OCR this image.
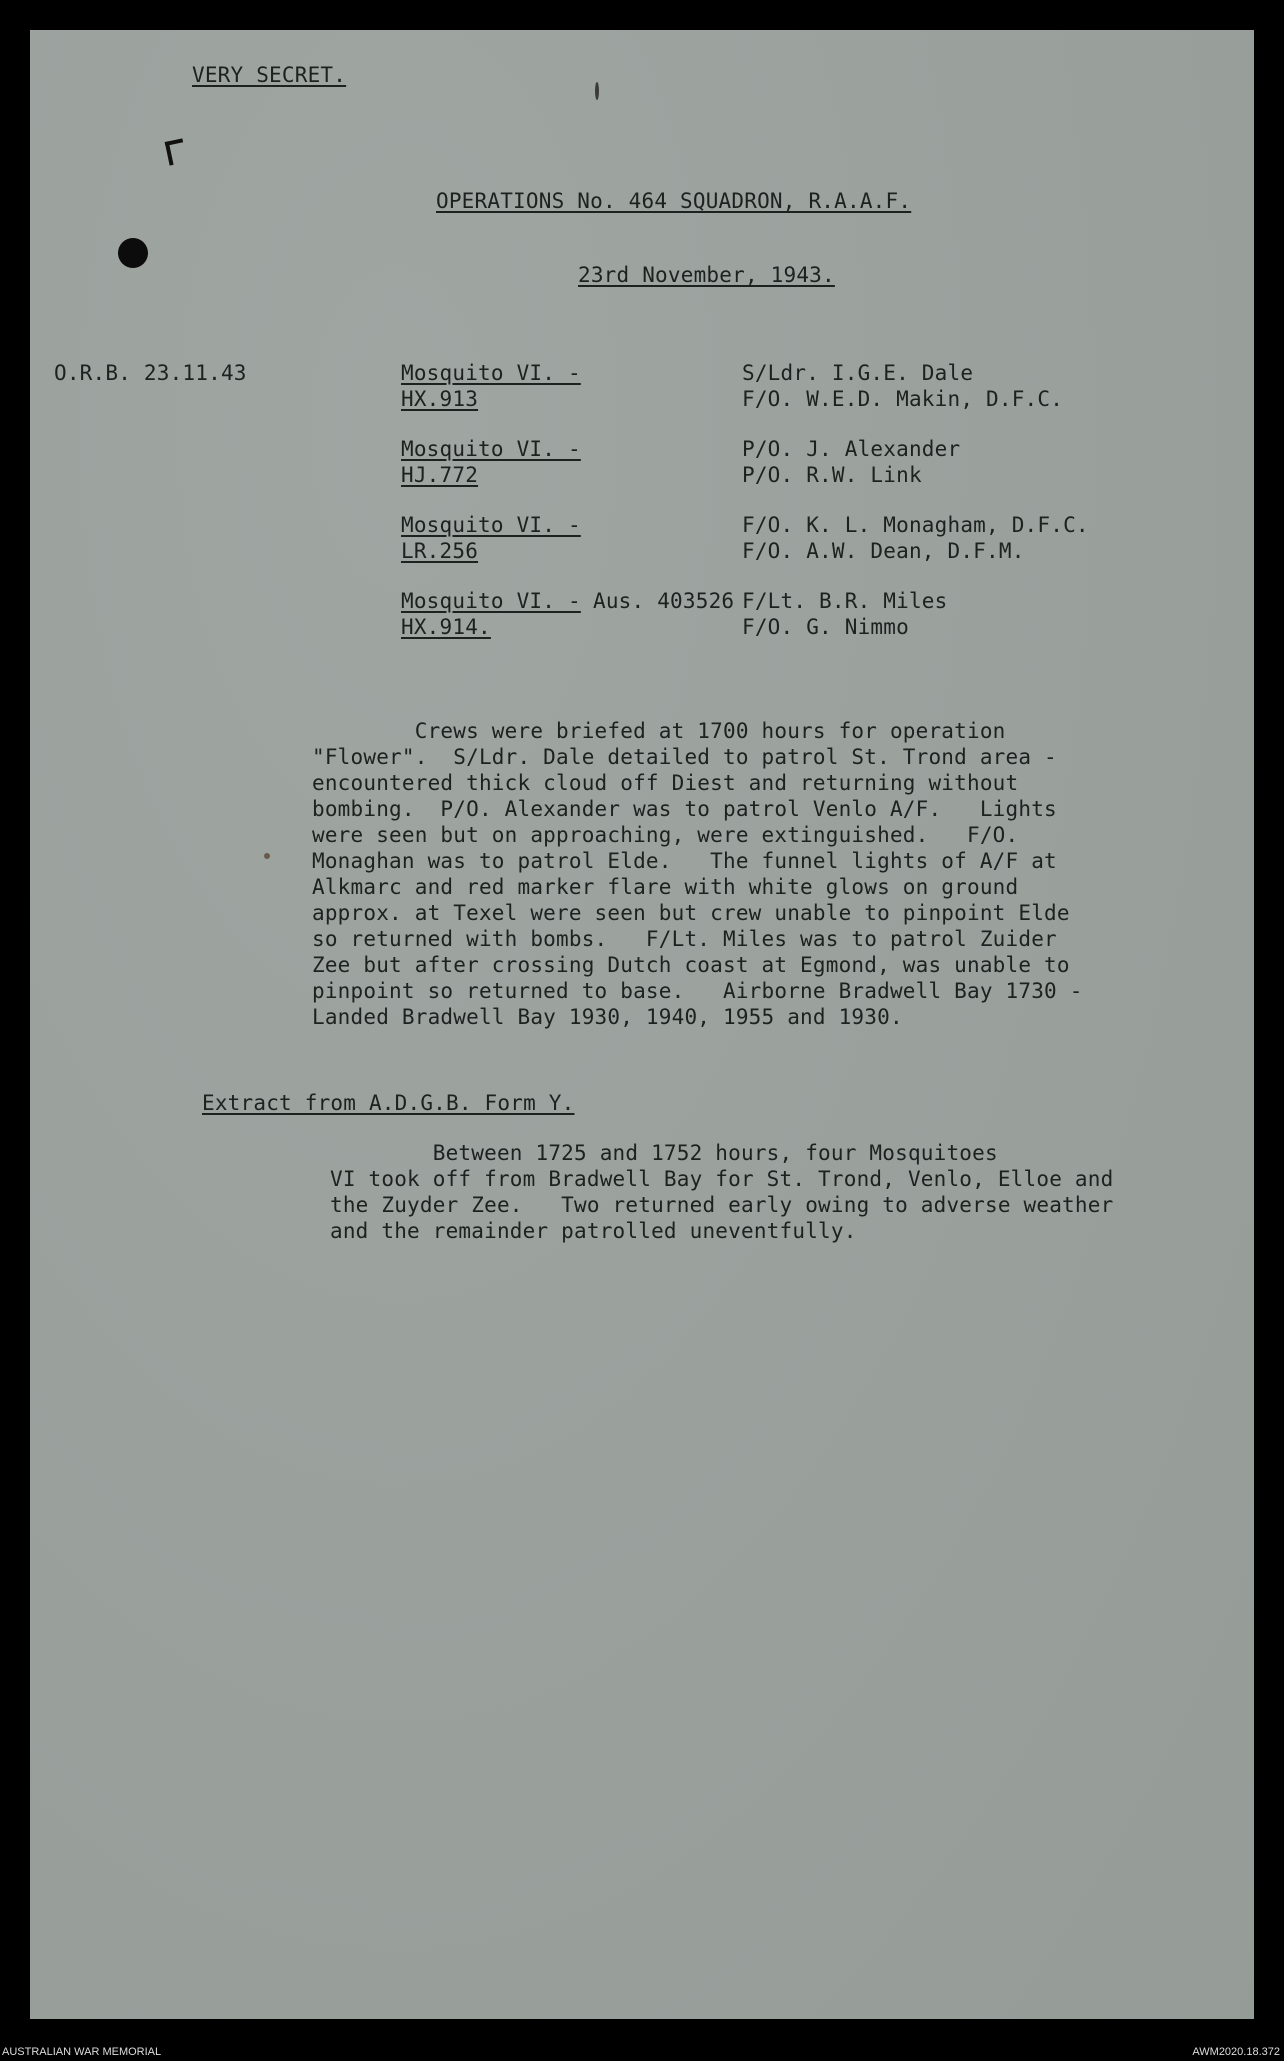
VERY SECRET.
OPERATIONS No. 464 SQUADRON, R.A.A.F.
23rd November, 1943.
O.R.B. 23.11.43	Mosquito VI. -
HX.913
S/Ldr. I.G.E. Dale
F/O. W.E.D. Makin, D.F.C.
Mosquito VI. -
HJ.772
P/O. J. Alexander
P/O. R.W. Link
Mosquito VI. -
LR.256
F/O. K. L. Monagham, D.F.C.
F/O. A.W. Dean, D.F.M.
Mosquito VI. - Aus. 403526
HX.914.
F/Lt. B.R. Miles
F/O. G. Nimmo
Crews were briefed at 1700 hours for operation
"Flower".  S/Ldr. Dale detailed to patrol St. Trond area -
encountered thick cloud off Diest and returning without
bombing.  P/O. Alexander was to patrol Venlo A/F.   Lights
were seen but on approaching, were extinguished.   F/O.
Monaghan was to patrol Elde.   The funnel lights of A/F at
Alkmarc and red marker flare with white glows on ground
approx. at Texel were seen but crew unable to pinpoint Elde
so returned with bombs.   F/Lt. Miles was to patrol Zuider
Zee but after crossing Dutch coast at Egmond, was unable to
pinpoint so returned to base.   Airborne Bradwell Bay 1730 -
Landed Bradwell Bay 1930, 1940, 1955 and 1930.
Extract from A.D.G.B. Form Y.
Between 1725 and 1752 hours, four Mosquitoes
VI took off from Bradwell Bay for St. Trond, Venlo, Elloe and
the Zuyder Zee.   Two returned early owing to adverse weather
and the remainder patrolled uneventfully.
AUSTRALIAN WAR MEMORIAL	AWM2020.18.372
